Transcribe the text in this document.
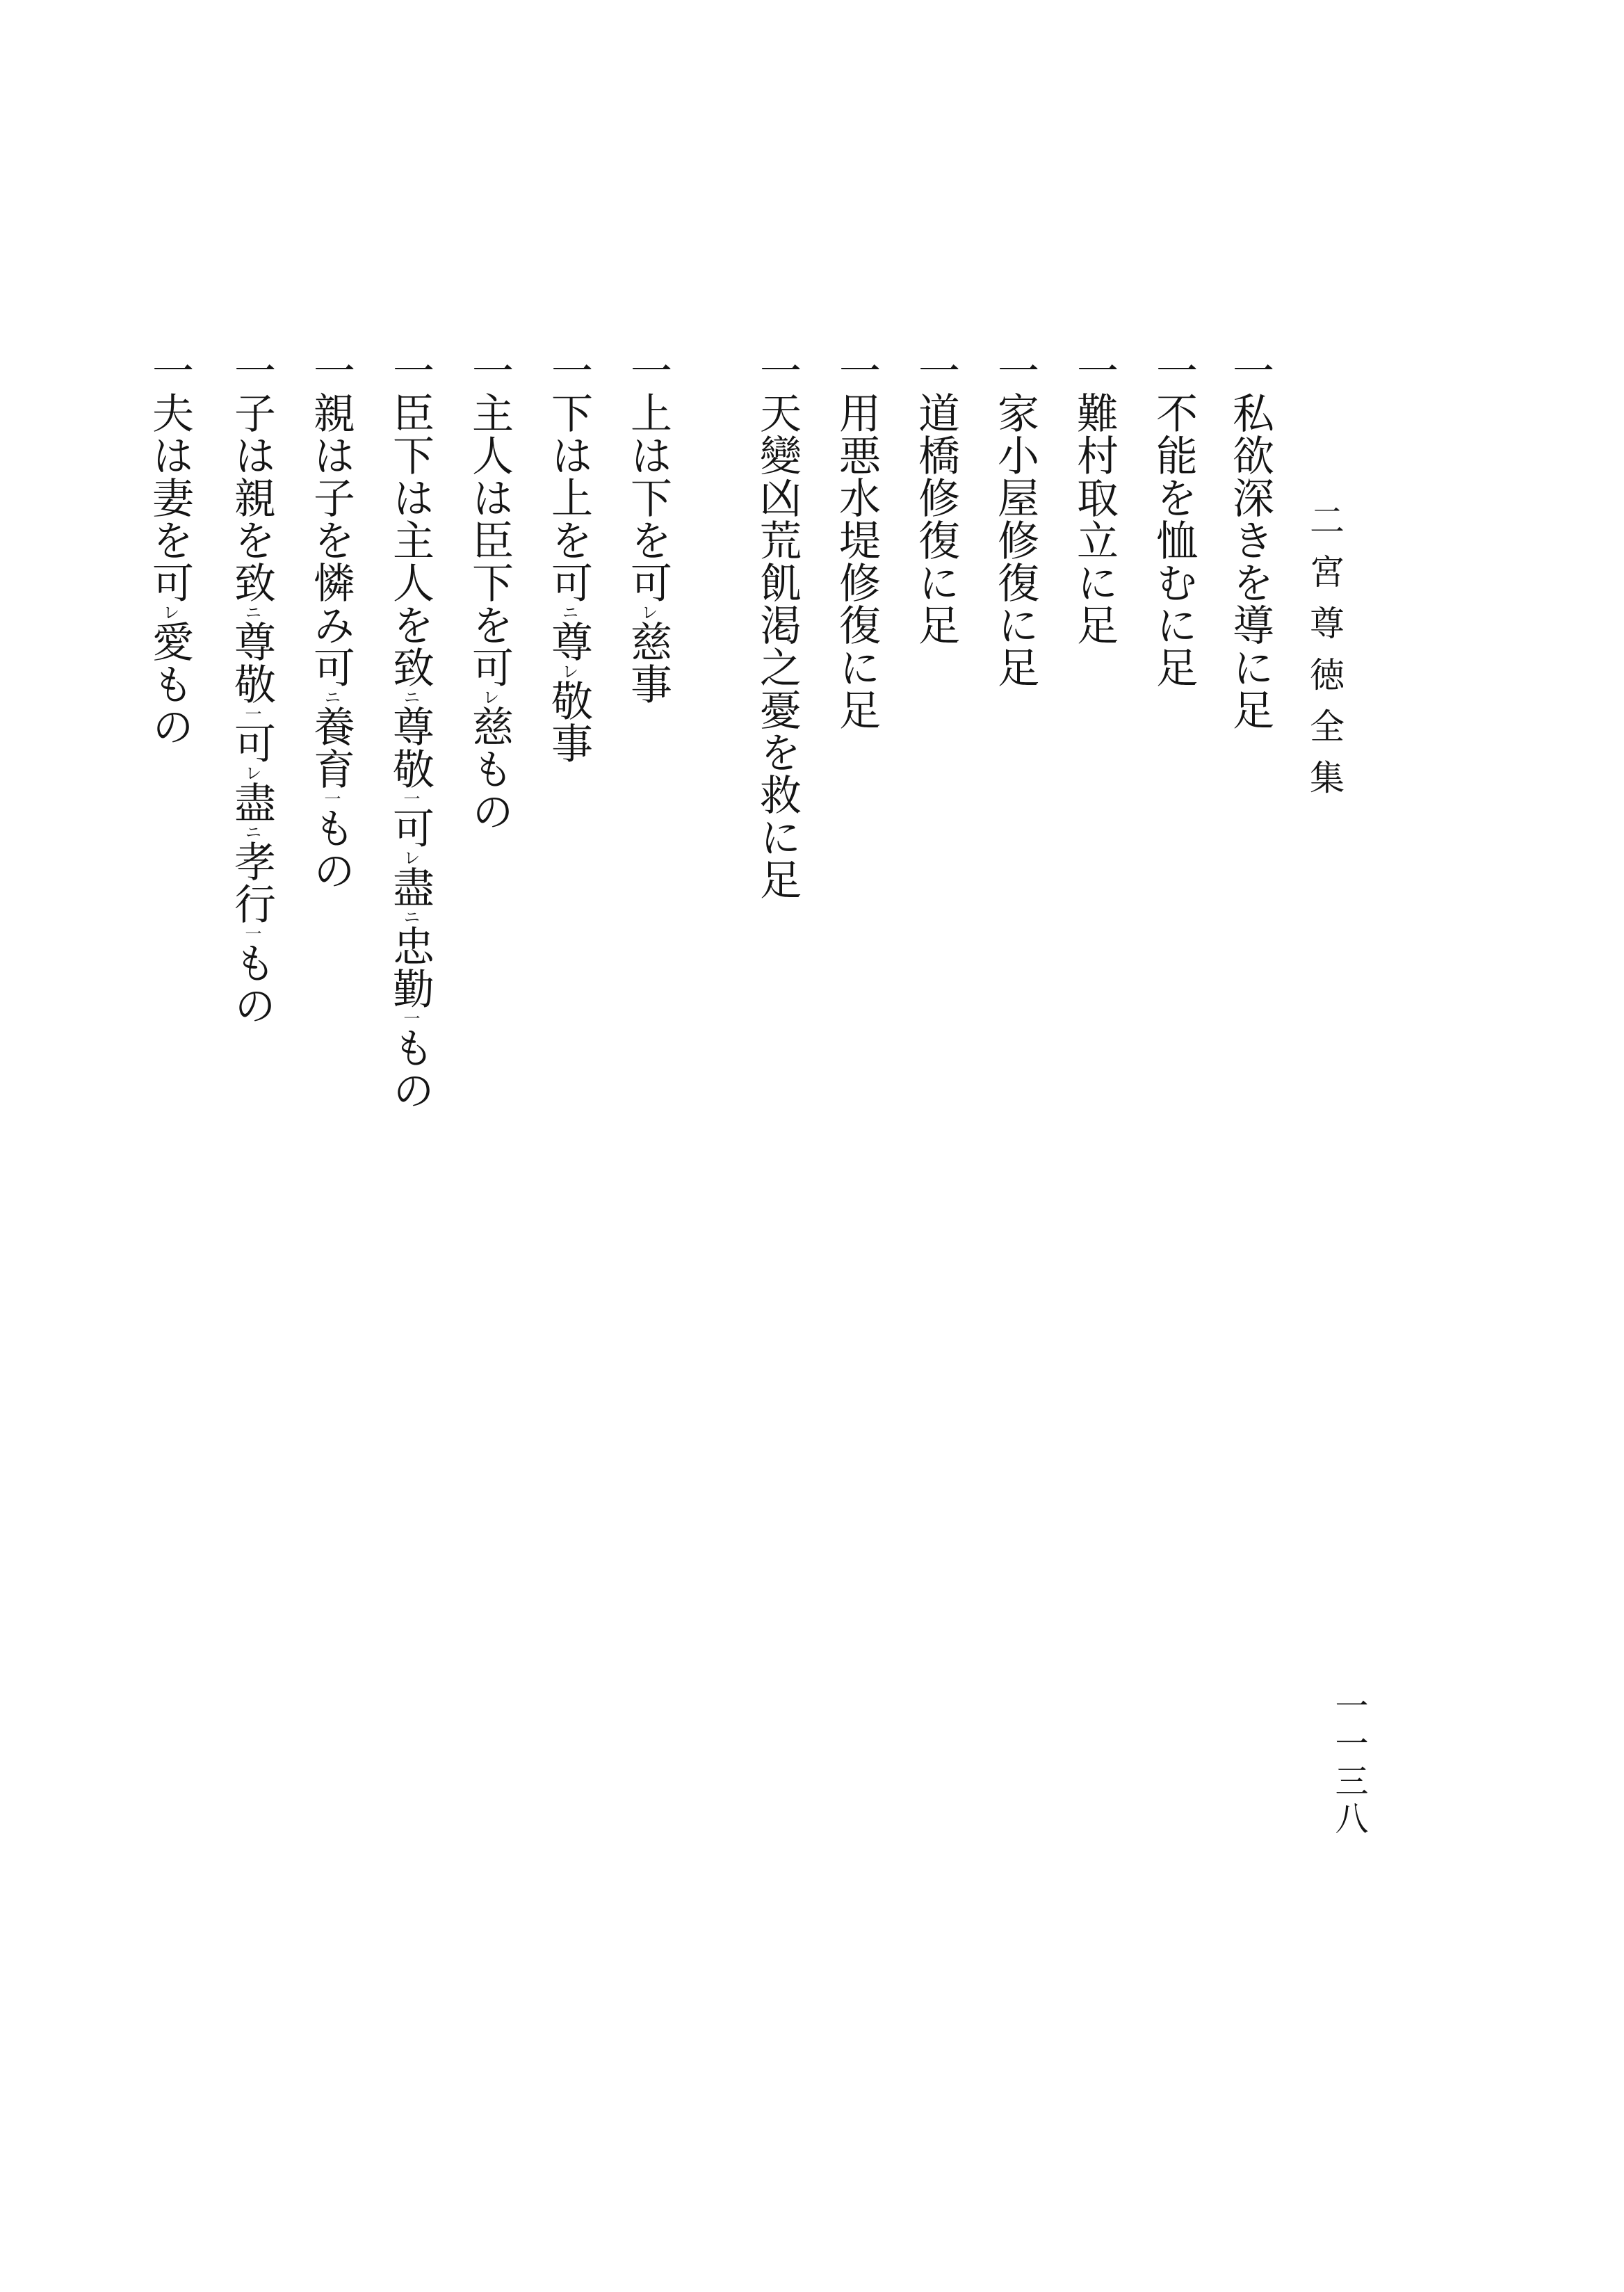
二宮尊徳全集
一一三八
一私欲深きを導に足
一不能を恤むに足
一難村取立に足
一家小屋修復に足
一道橋修復に足
一用悪水堤修復に足
一天變凶荒飢渇之憂を救に足
一上は下を可レ慈事
一下は上を可ニ尊レ敬事
一主人は臣下を可レ慈もの
一臣下は主人を致ニ尊敬一可レ盡ニ忠勤一もの
一親は子を憐み可ニ養育一もの
一子は親を致ニ尊敬一可レ盡ニ孝行一もの
一夫は妻を可レ愛もの
